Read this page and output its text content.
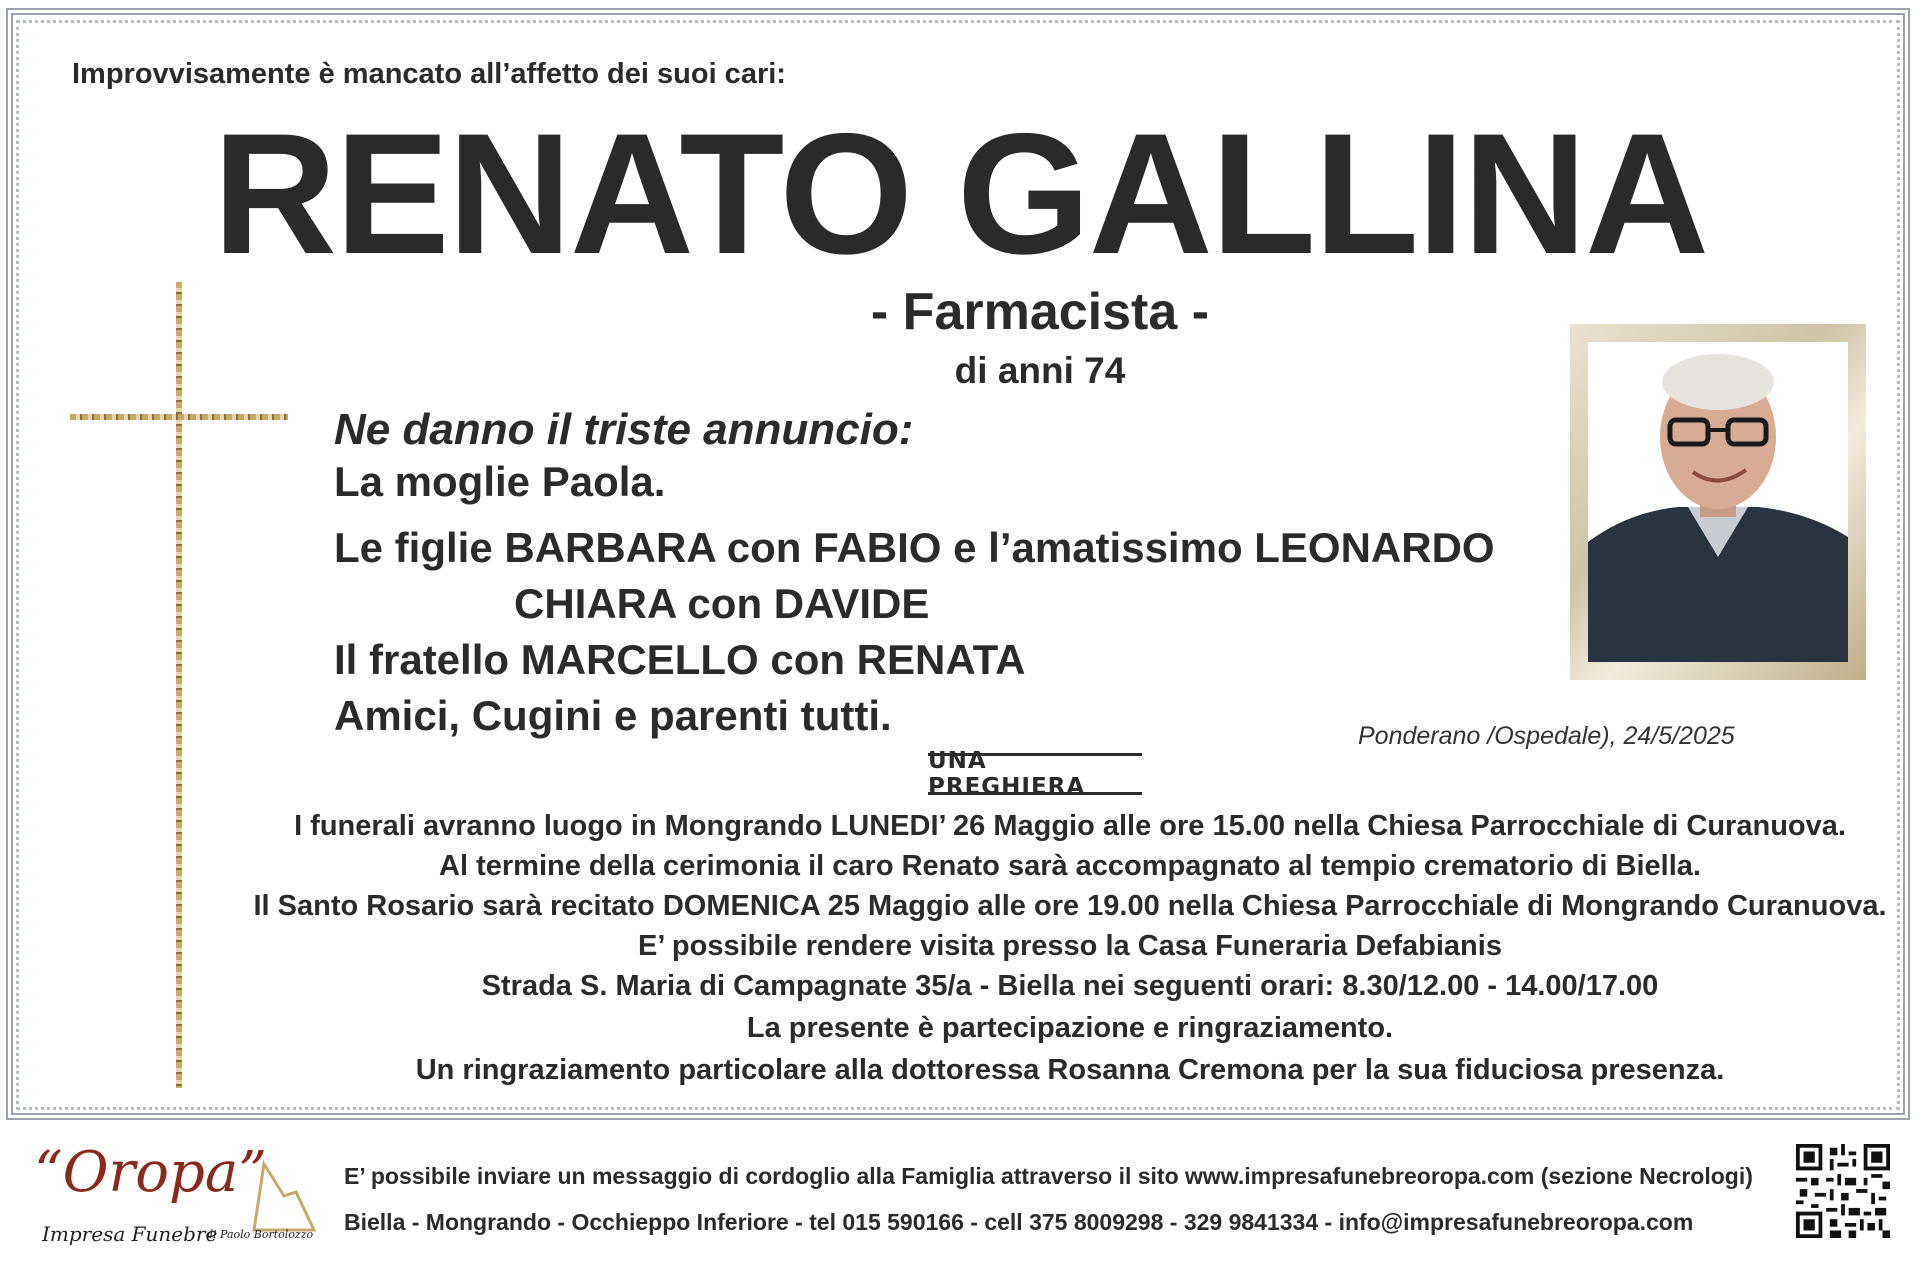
Improvvisamente è mancato all’affetto dei suoi cari:
RENATO GALLINA
- Farmacista -
di anni 74
Ne danno il triste annuncio:
La moglie Paola.
Le figlie BARBARA con FABIO e l’amatissimo LEONARDO
CHIARA con DAVIDE
Il fratello MARCELLO con RENATA
Amici, Cugini e parenti tutti.	Ponderano /Ospedale), 24/5/2025
UNA PREGHIERA
I funerali avranno luogo in Mongrando LUNEDI’ 26 Maggio alle ore 15.00 nella Chiesa Parrocchiale di Curanuova.
Al termine della cerimonia il caro Renato sarà accompagnato al tempio crematorio di Biella.
Il Santo Rosario sarà recitato DOMENICA 25 Maggio alle ore 19.00 nella Chiesa Parrocchiale di Mongrando Curanuova.
E’ possibile rendere visita presso la Casa Funeraria Defabianis
Strada S. Maria di Campagnate 35/a - Biella nei seguenti orari: 8.30/12.00 - 14.00/17.00
La presente è partecipazione e ringraziamento.
Un ringraziamento particolare alla dottoressa Rosanna Cremona per la sua fiduciosa presenza.
“Oropa”
Impresa Funebre
di Paolo Bortolozzo
E’ possibile inviare un messaggio di cordoglio alla Famiglia attraverso il sito www.impresafunebreoropa.com (sezione Necrologi)
Biella - Mongrando - Occhieppo Inferiore - tel 015 590166 - cell 375 8009298 - 329 9841334 - info@impresafunebreoropa.com
